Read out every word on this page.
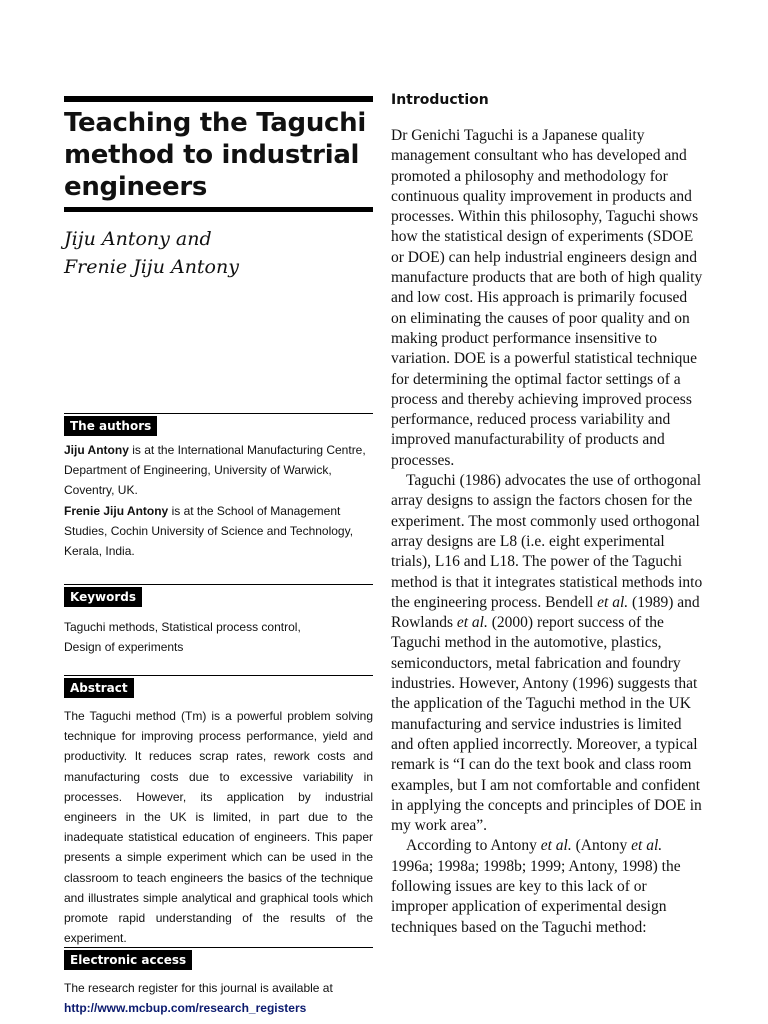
Teaching the Taguchi method to industrial engineers
Jiju Antony and
Frenie Jiju Antony
The authors
Jiju Antony is at the International Manufacturing Centre, Department of Engineering, University of Warwick, Coventry, UK.
Frenie Jiju Antony is at the School of Management Studies, Cochin University of Science and Technology, Kerala, India.
Keywords
Taguchi methods, Statistical process control,
Design of experiments
Abstract
The Taguchi method (Tm) is a powerful problem solving technique for improving process performance, yield and productivity. It reduces scrap rates, rework costs and manufacturing costs due to excessive variability in processes. However, its application by industrial engineers in the UK is limited, in part due to the inadequate statistical education of engineers. This paper presents a simple experiment which can be used in the classroom to teach engineers the basics of the technique and illustrates simple analytical and graphical tools which promote rapid understanding of the results of the experiment.
Electronic access
The research register for this journal is available at
http://www.mcbup.com/research_registers
Introduction

Dr Genichi Taguchi is a Japanese quality management consultant who has developed and promoted a philosophy and methodology for continuous quality improvement in products and processes. Within this philosophy, Taguchi shows how the statistical design of experiments (SDOE or DOE) can help industrial engineers design and manufacture products that are both of high quality and low cost. His approach is primarily focused on eliminating the causes of poor quality and on making product performance insensitive to variation. DOE is a powerful statistical technique for determining the optimal factor settings of a process and thereby achieving improved process performance, reduced process variability and improved manufacturability of products and processes.

Taguchi (1986) advocates the use of orthogonal array designs to assign the factors chosen for the experiment. The most commonly used orthogonal array designs are L8 (i.e. eight experimental trials), L16 and L18. The power of the Taguchi method is that it integrates statistical methods into the engineering process. Bendell et al. (1989) and Rowlands et al. (2000) report success of the Taguchi method in the automotive, plastics, semiconductors, metal fabrication and foundry industries. However, Antony (1996) suggests that the application of the Taguchi method in the UK manufacturing and service industries is limited and often applied incorrectly. Moreover, a typical remark is “I can do the text book and class room examples, but I am not comfortable and confident in applying the concepts and principles of DOE in my work area”.

According to Antony et al. (Antony et al. 1996a; 1998a; 1998b; 1999; Antony, 1998) the following issues are key to this lack of or improper application of experimental design techniques based on the Taguchi method:
